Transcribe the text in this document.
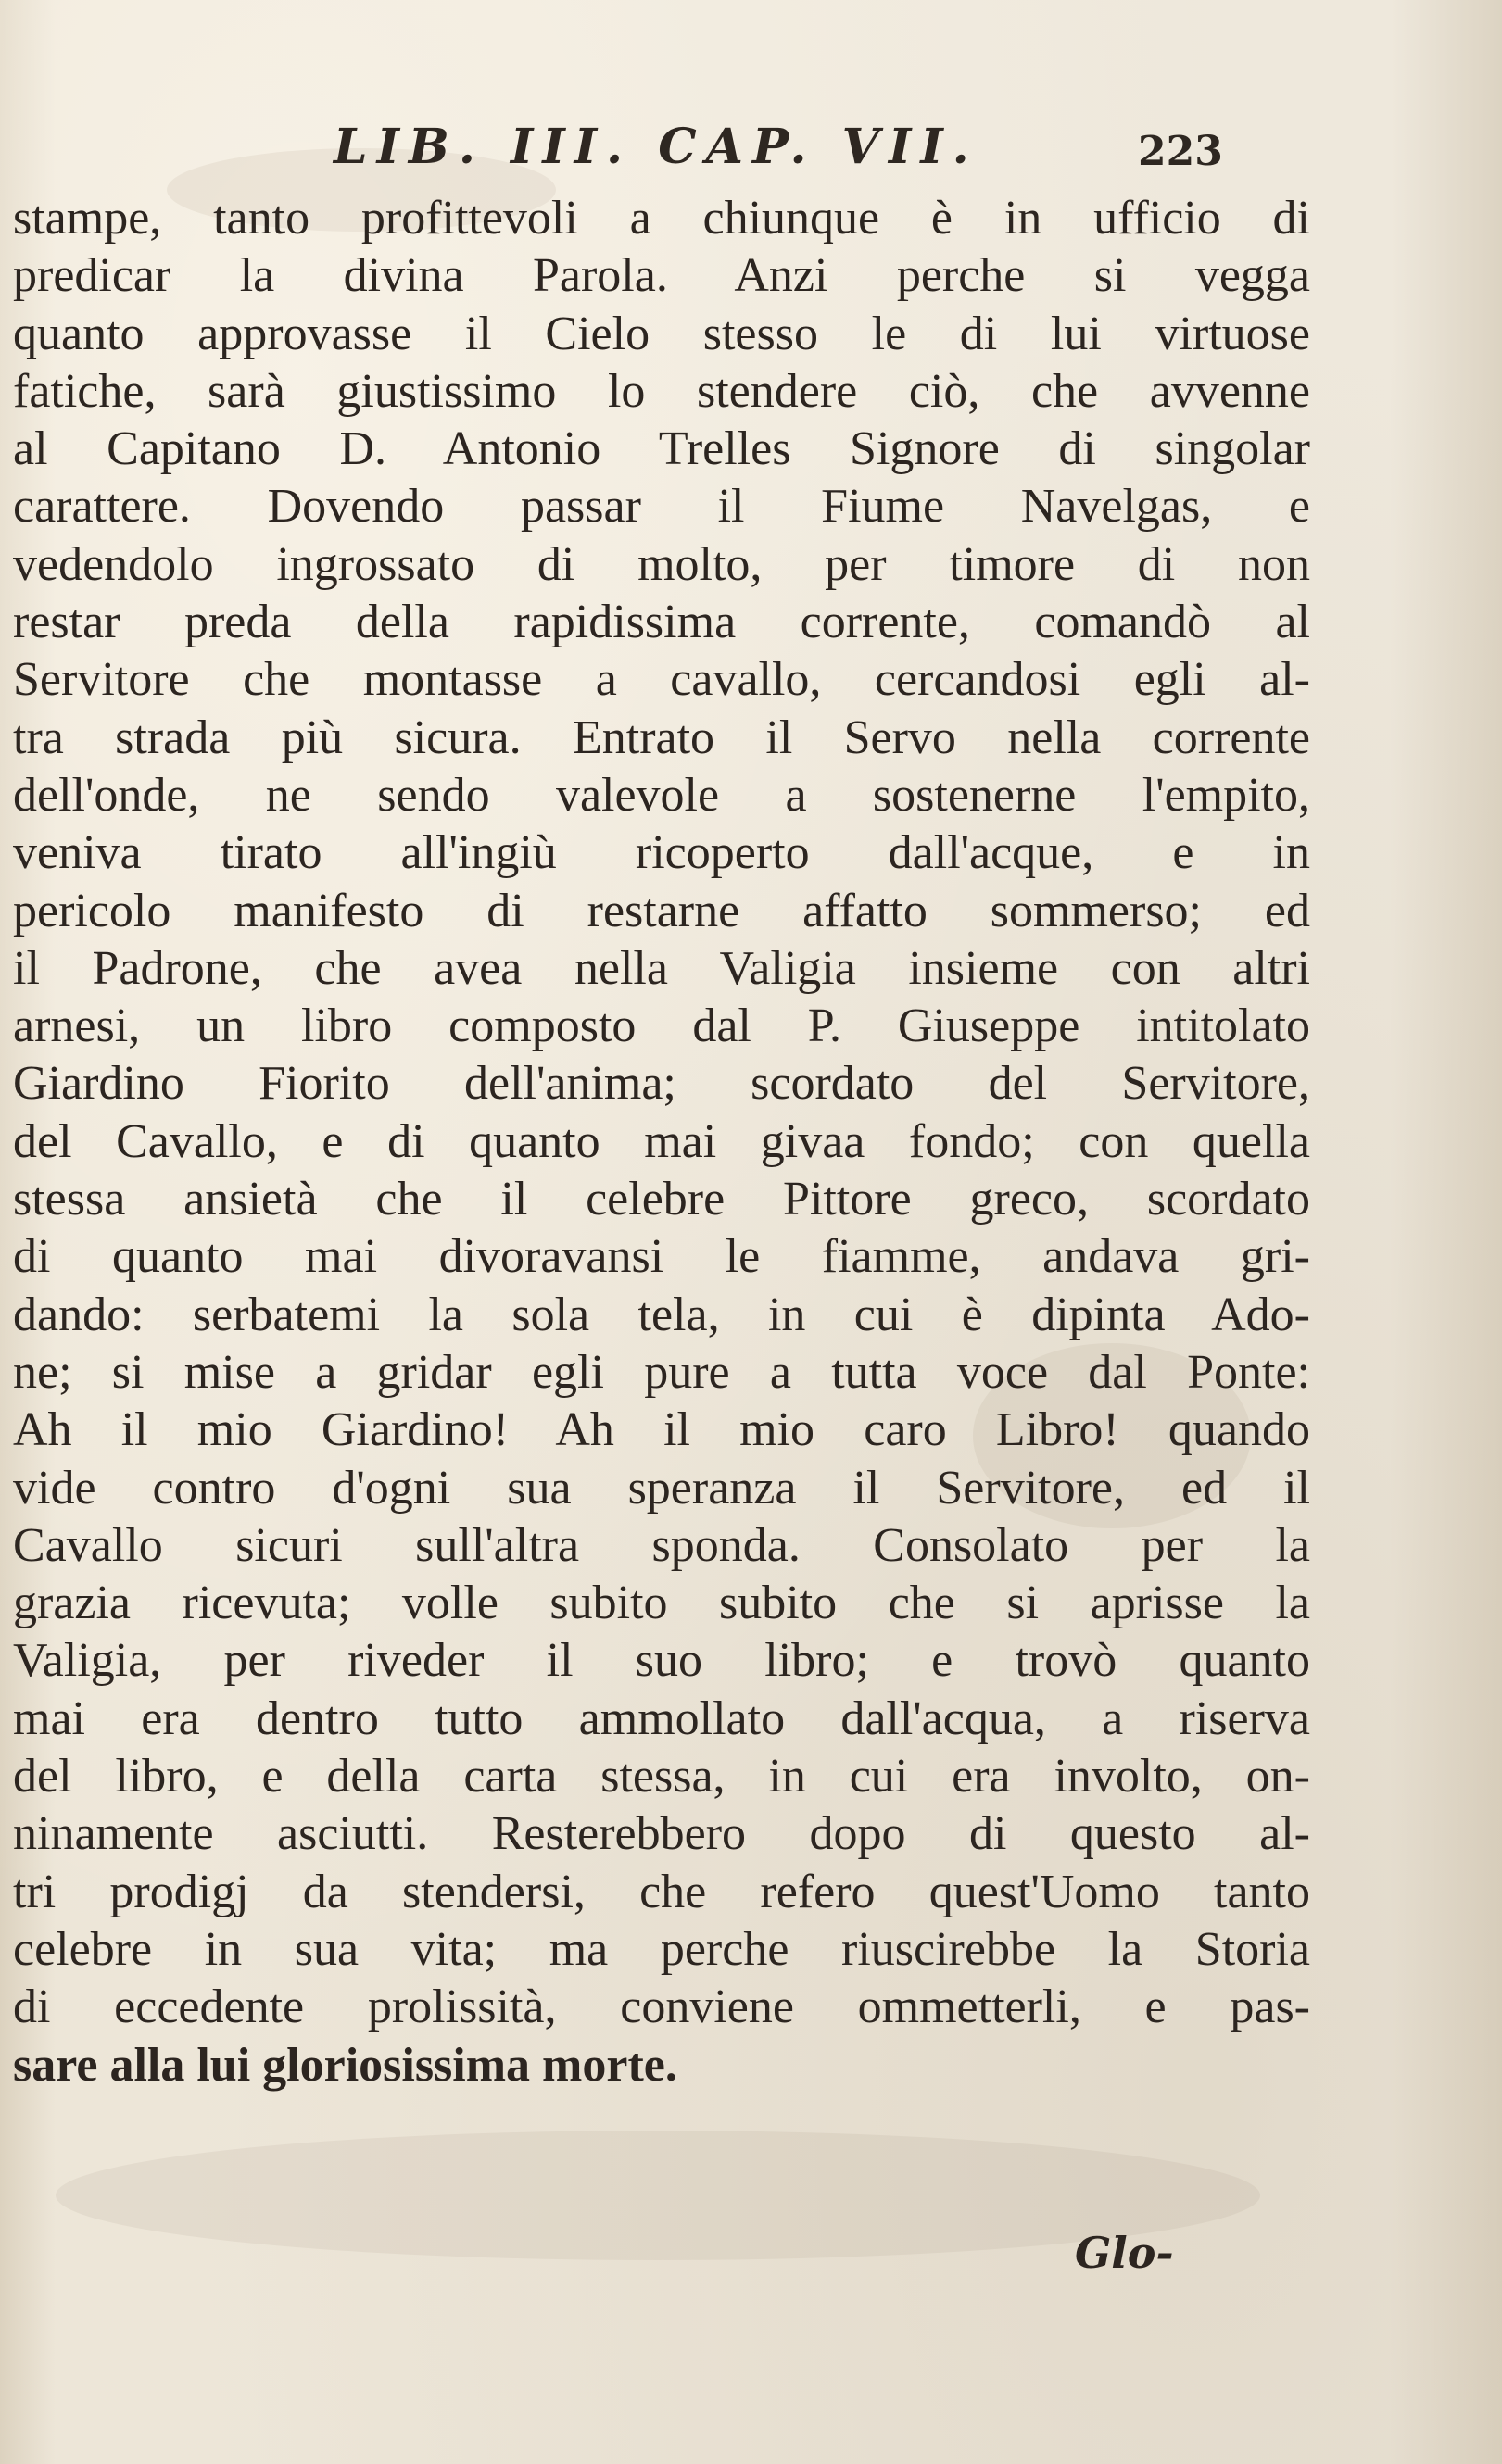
LIB. III. CAP. VII.	223
stampe, tanto profittevoli a chiunque è in ufficio di
predicar la divina Parola. Anzi perche si vegga
quanto approvasse il Cielo stesso le di lui virtuose
fatiche, sarà giustissimo lo stendere ciò, che avvenne
al Capitano D. Antonio Trelles Signore di singolar
carattere. Dovendo passar il Fiume Navelgas, e
vedendolo ingrossato di molto, per timore di non
restar preda della rapidissima corrente, comandò al
Servitore che montasse a cavallo, cercandosi egli al-
tra strada più sicura. Entrato il Servo nella corrente
dell'onde, ne sendo valevole a sostenerne l'empito,
veniva tirato all'ingiù ricoperto dall'acque, e in
pericolo manifesto di restarne affatto sommerso; ed
il Padrone, che avea nella Valigia insieme con altri
arnesi, un libro composto dal P. Giuseppe intitolato
Giardino Fiorito dell'anima; scordato del Servitore,
del Cavallo, e di quanto mai givaa fondo; con quella
stessa ansietà che il celebre Pittore greco, scordato
di quanto mai divoravansi le fiamme, andava gri-
dando: serbatemi la sola tela, in cui è dipinta Ado-
ne; si mise a gridar egli pure a tutta voce dal Ponte:
Ah il mio Giardino! Ah il mio caro Libro! quando
vide contro d'ogni sua speranza il Servitore, ed il
Cavallo sicuri sull'altra sponda. Consolato per la
grazia ricevuta; volle subito subito che si aprisse la
Valigia, per riveder il suo libro; e trovò quanto
mai era dentro tutto ammollato dall'acqua, a riserva
del libro, e della carta stessa, in cui era involto, on-
ninamente asciutti. Resterebbero dopo di questo al-
tri prodigj da stendersi, che refero quest'Uomo tanto
celebre in sua vita; ma perche riuscirebbe la Storia
di eccedente prolissità, conviene ommetterli, e pas-
sare alla lui gloriosissima morte.
Glo-
